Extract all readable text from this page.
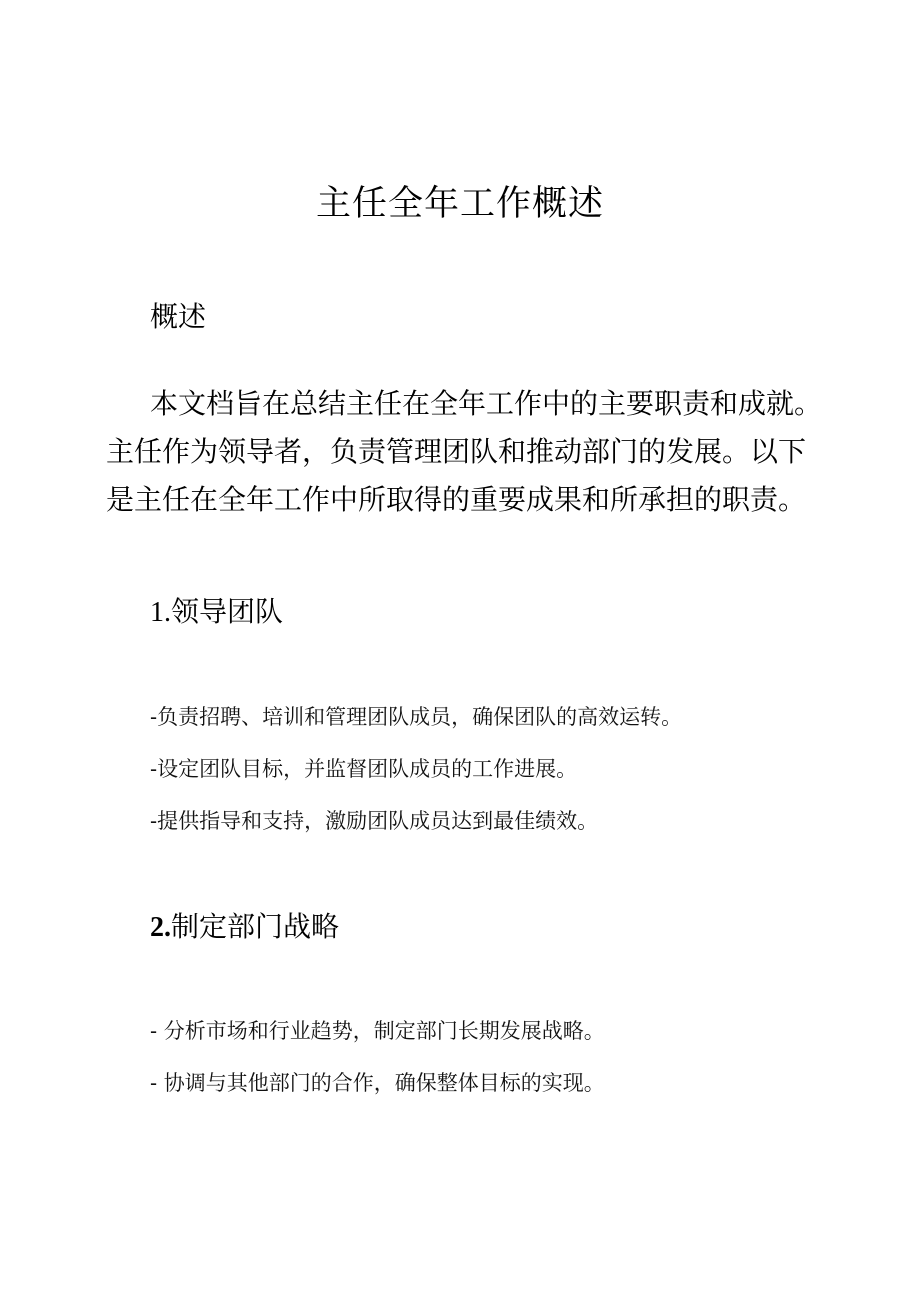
主任全年工作概述
概述
本文档旨在总结主任在全年工作中的主要职责和成就。
主任作为领导者，负责管理团队和推动部门的发展。以下
是主任在全年工作中所取得的重要成果和所承担的职责。
1.领导团队
-负责招聘、培训和管理团队成员，确保团队的高效运转。
-设定团队目标，并监督团队成员的工作进展。
-提供指导和支持，激励团队成员达到最佳绩效。
2.制定部门战略
- 分析市场和行业趋势，制定部门长期发展战略。
- 协调与其他部门的合作，确保整体目标的实现。
